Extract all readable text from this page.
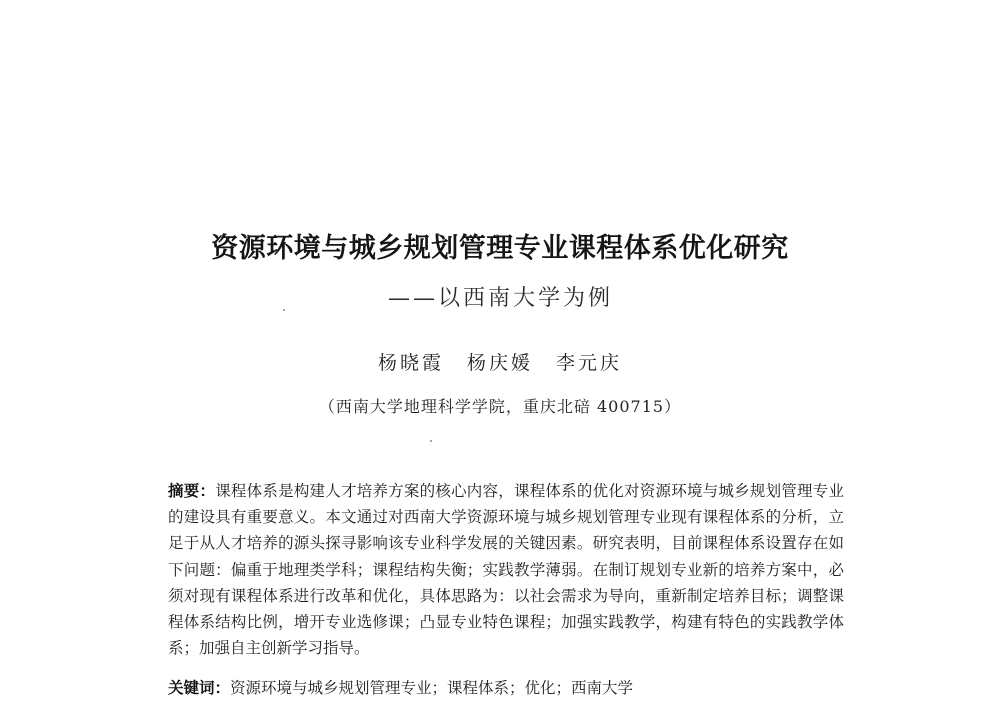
资源环境与城乡规划管理专业课程体系优化研究
——以西南大学为例
杨晓霞 杨庆媛 李元庆
（西南大学地理科学学院，重庆北碚 400715）
摘要：课程体系是构建人才培养方案的核心内容，课程体系的优化对资源环境与城乡规划管理专业的建设具有重要意义。本文通过对西南大学资源环境与城乡规划管理专业现有课程体系的分析，立足于从人才培养的源头探寻影响该专业科学发展的关键因素。研究表明，目前课程体系设置存在如下问题：偏重于地理类学科；课程结构失衡；实践教学薄弱。在制订规划专业新的培养方案中，必须对现有课程体系进行改革和优化，具体思路为：以社会需求为导向，重新制定培养目标；调整课程体系结构比例，增开专业选修课；凸显专业特色课程；加强实践教学，构建有特色的实践教学体系；加强自主创新学习指导。
关键词：资源环境与城乡规划管理专业；课程体系；优化；西南大学
